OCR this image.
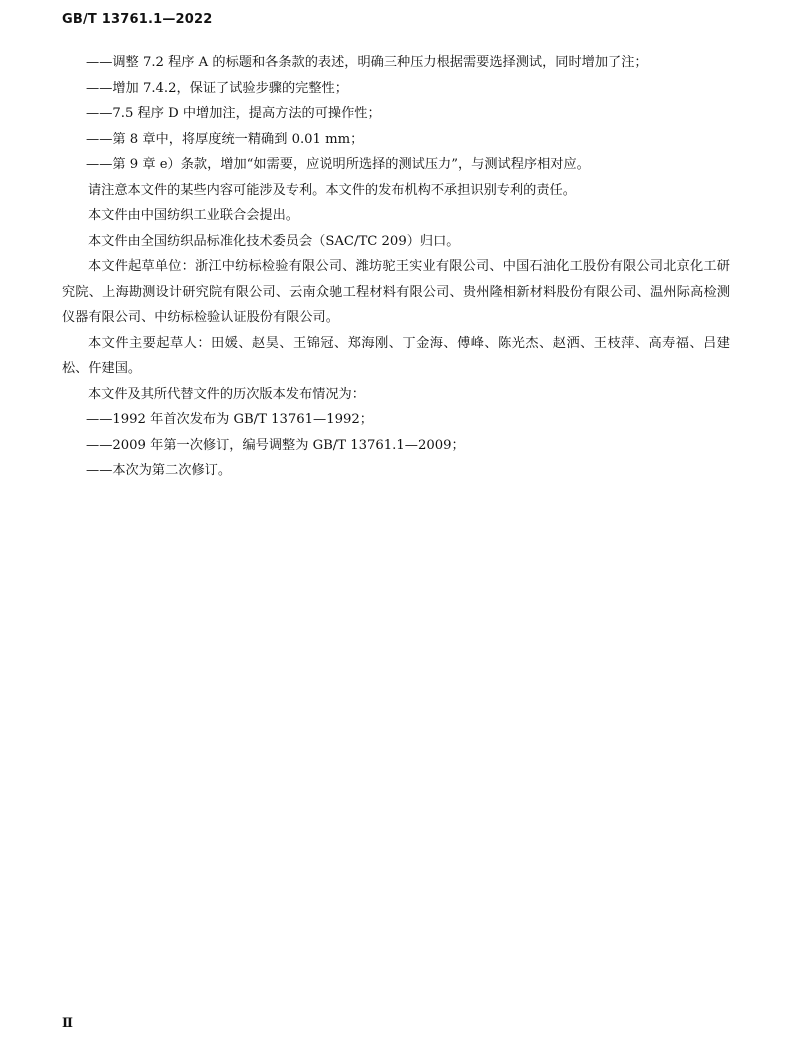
GB/T 13761.1—2022

——调整 7.2 程序 A 的标题和各条款的表述，明确三种压力根据需要选择测试，同时增加了注；

——增加 7.4.2，保证了试验步骤的完整性；

——7.5 程序 D 中增加注，提高方法的可操作性；

——第 8 章中，将厚度统一精确到 0.01 mm；

——第 9 章 e）条款，增加“如需要，应说明所选择的测试压力”，与测试程序相对应。

请注意本文件的某些内容可能涉及专利。本文件的发布机构不承担识别专利的责任。

本文件由中国纺织工业联合会提出。

本文件由全国纺织品标准化技术委员会（SAC/TC 209）归口。

本文件起草单位：浙江中纺标检验有限公司、潍坊驼王实业有限公司、中国石油化工股份有限公司北京化工研究院、上海勘测设计研究院有限公司、云南众驰工程材料有限公司、贵州隆相新材料股份有限公司、温州际高检测仪器有限公司、中纺标检验认证股份有限公司。

本文件主要起草人：田媛、赵昊、王锦冠、郑海刚、丁金海、傅峰、陈光杰、赵洒、王枝萍、高寿福、吕建松、仵建国。

本文件及其所代替文件的历次版本发布情况为：

——1992 年首次发布为 GB/T 13761—1992；

——2009 年第一次修订，编号调整为 GB/T 13761.1—2009；

——本次为第二次修订。

Ⅱ
